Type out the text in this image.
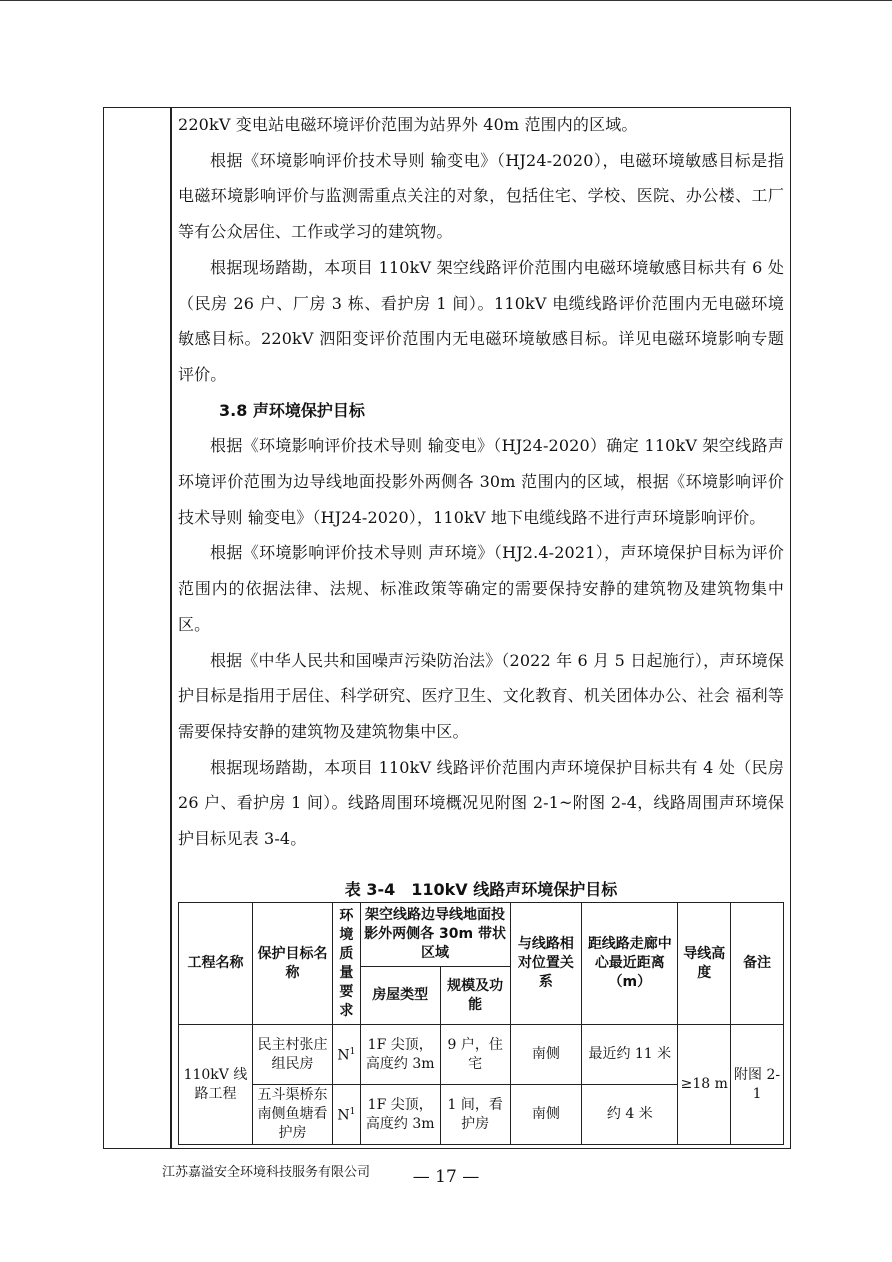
220kV 变电站电磁环境评价范围为站界外 40m 范围内的区域。

根据《环境影响评价技术导则 输变电》（HJ24-2020），电磁环境敏感目标是指电磁环境影响评价与监测需重点关注的对象，包括住宅、学校、医院、办公楼、工厂等有公众居住、工作或学习的建筑物。

根据现场踏勘，本项目 110kV 架空线路评价范围内电磁环境敏感目标共有 6 处（民房 26 户、厂房 3 栋、看护房 1 间）。110kV 电缆线路评价范围内无电磁环境敏感目标。220kV 泗阳变评价范围内无电磁环境敏感目标。详见电磁环境影响专题评价。

3.8 声环境保护目标

根据《环境影响评价技术导则 输变电》（HJ24-2020）确定 110kV 架空线路声环境评价范围为边导线地面投影外两侧各 30m 范围内的区域，根据《环境影响评价技术导则 输变电》（HJ24-2020），110kV 地下电缆线路不进行声环境影响评价。

根据《环境影响评价技术导则 声环境》（HJ2.4-2021），声环境保护目标为评价范围内的依据法律、法规、标准政策等确定的需要保持安静的建筑物及建筑物集中区。

根据《中华人民共和国噪声污染防治法》（2022 年 6 月 5 日起施行），声环境保护目标是指用于居住、科学研究、医疗卫生、文化教育、机关团体办公、社会 福利等需要保持安静的建筑物及建筑物集中区。

根据现场踏勘，本项目 110kV 线路评价范围内声环境保护目标共有 4 处（民房 26 户、看护房 1 间）。线路周围环境概况见附图 2-1~附图 2-4，线路周围声环境保护目标见表 3-4。

表 3-4　110kV 线路声环境保护目标
工程名称	保护目标名称	环境质量要求	架空线路边导线地面投影外两侧各 30m 带状区域		与线路相对位置关系	距线路走廊中心最近距离（m）	导线高度	备注
			房屋类型	规模及功能				
110kV 线路工程	民主村张庄组民房	$N^1$	1F 尖顶，高度约 3m	9 户，住宅	南侧	最近约 11 米	≥18 m	附图 2-1
	五斗渠桥东南侧鱼塘看护房	$N^1$	1F 尖顶，高度约 3m	1 间，看护房	南侧	约 4 米		
江苏嘉溢安全环境科技服务有限公司	— 17 —
